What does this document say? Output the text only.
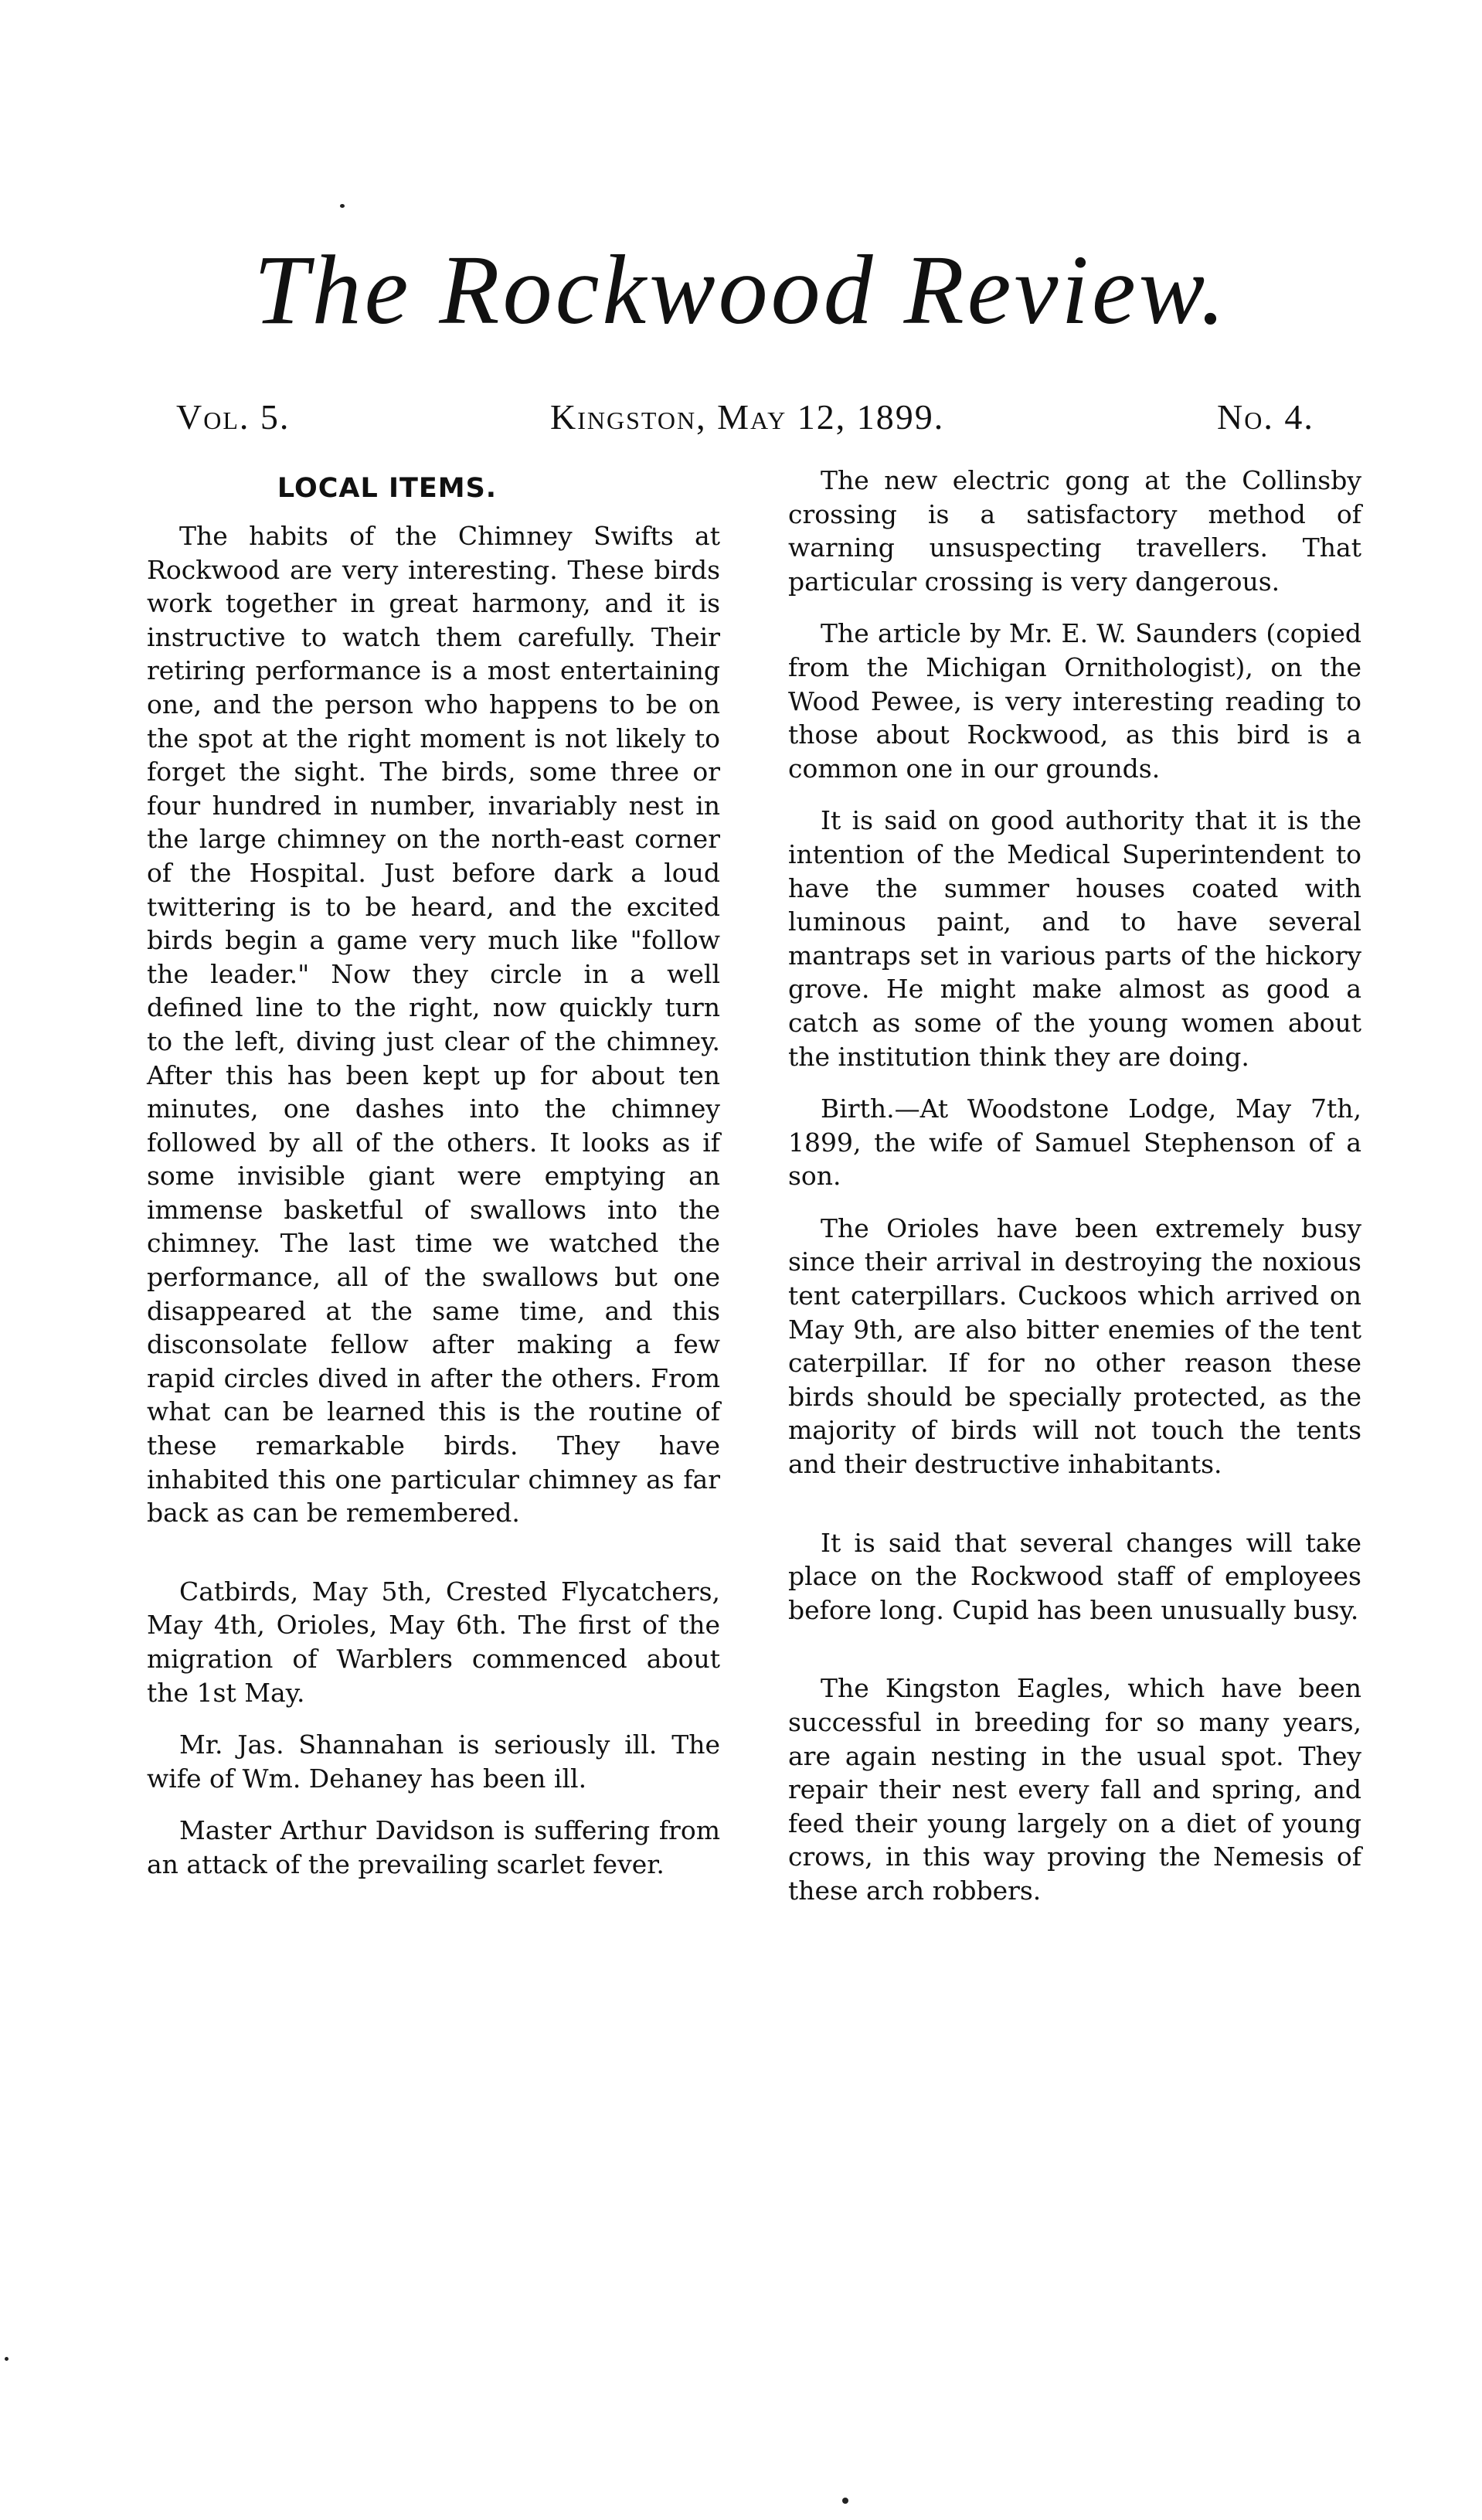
The Rockwood Review.
Vol. 5.	Kingston, May 12, 1899.	No. 4.
LOCAL ITEMS.

The habits of the Chimney Swifts at Rockwood are very interesting. These birds work together in great harmony, and it is instructive to watch them carefully. Their retiring performance is a most entertaining one, and the person who happens to be on the spot at the right moment is not likely to forget the sight. The birds, some three or four hundred in number, invariably nest in the large chimney on the north-east corner of the Hospital. Just before dark a loud twittering is to be heard, and the excited birds begin a game very much like "follow the leader." Now they circle in a well defined line to the right, now quickly turn to the left, diving just clear of the chimney. After this has been kept up for about ten minutes, one dashes into the chimney followed by all of the others. It looks as if some invisible giant were emptying an immense basketful of swallows into the chimney. The last time we watched the performance, all of the swallows but one disappeared at the same time, and this disconsolate fellow after making a few rapid circles dived in after the others. From what can be learned this is the routine of these remarkable birds. They have inhabited this one particular chimney as far back as can be remembered.

Catbirds, May 5th, Crested Flycatchers, May 4th, Orioles, May 6th. The first of the migration of Warblers commenced about the 1st May.

Mr. Jas. Shannahan is seriously ill. The wife of Wm. Dehaney has been ill.

Master Arthur Davidson is suffering from an attack of the prevailing scarlet fever.

The new electric gong at the Collinsby crossing is a satisfactory method of warning unsuspecting travellers. That particular crossing is very dangerous.

The article by Mr. E. W. Saunders (copied from the Michigan Ornithologist), on the Wood Pewee, is very interesting reading to those about Rockwood, as this bird is a common one in our grounds.

It is said on good authority that it is the intention of the Medical Superintendent to have the summer houses coated with luminous paint, and to have several mantraps set in various parts of the hickory grove. He might make almost as good a catch as some of the young women about the institution think they are doing.

Birth.—At Woodstone Lodge, May 7th, 1899, the wife of Samuel Stephenson of a son.

The Orioles have been extremely busy since their arrival in destroying the noxious tent caterpillars. Cuckoos which arrived on May 9th, are also bitter enemies of the tent caterpillar. If for no other reason these birds should be specially protected, as the majority of birds will not touch the tents and their destructive inhabitants.

It is said that several changes will take place on the Rockwood staff of employees before long. Cupid has been unusually busy.

The Kingston Eagles, which have been successful in breeding for so many years, are again nesting in the usual spot. They repair their nest every fall and spring, and feed their young largely on a diet of young crows, in this way proving the Nemesis of these arch robbers.
